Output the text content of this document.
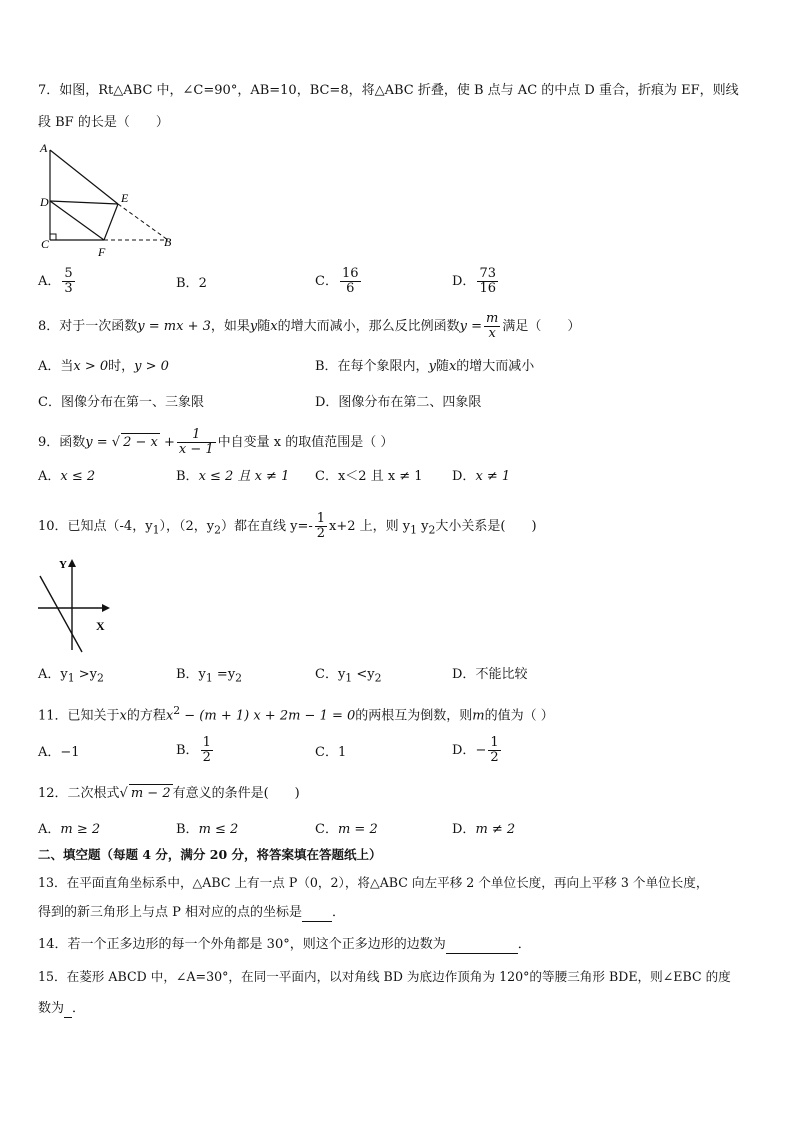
7．如图，Rt△ABC 中，∠C=90°，AB=10，BC=8，将△ABC 折叠，使 B 点与 AC 的中点 D 重合，折痕为 EF，则线
段 BF 的长是（　　）
A
D
C
F
E
B
A． $\frac{5}{3}$	B．2	C． $\frac{16}{6}$	D． $\frac{73}{16}$
8．对于一次函数y = mx + 3，如果y随x的增大而减小，那么反比例函数$y = \frac{m}{x}$ 满足（　　）
A．当x > 0时，y > 0	B．在每个象限内，y随x的增大而减小
C．图像分布在第一、三象限	D．图像分布在第二、四象限
9．函数y = √ $2 - x + \frac{1}{x - 1}$ 中自变量 x 的取值范围是（ ）
A．x ≤ 2	B．x ≤ 2 且 x ≠ 1 C．x＜2 且 x ≠ 1 D．x ≠ 1
10．已知点（-4，$y_1$），（2，$y_2$）都在直线 $y=- \frac{1}{2} x+2$ 上，则 $y_1$ $y_2$大小关系是(　　)
Y
X
A．$y_1 >y_2$	B．$y_1 =y_2$	C．$y_1 <y_2$	D．不能比较
11．已知关于x的方程$x^2 - (m + 1) x + 2m - 1 = 0$的两根互为倒数，则m的值为（ ）
A．−1	B． $\frac{1}{2}$	C．1	D．− $\frac{1}{2}$
12．二次根式√ m − 2 有意义的条件是(　　)
A．m ≥ 2	B．m ≤ 2	C．m = 2	D．m ≠ 2
二、填空题（每题 4 分，满分 20 分，将答案填在答题纸上）
13．在平面直角坐标系中，△ABC 上有一点 P（0，2），将△ABC 向左平移 2 个单位长度，再向上平移 3 个单位长度，
得到的新三角形上与点 P 相对应的点的坐标是 ．
14．若一个正多边形的每一个外角都是 30°，则这个正多边形的边数为	．
15．在菱形 ABCD 中，∠A=30°，在同一平面内，以对角线 BD 为底边作顶角为 120°的等腰三角形 BDE，则∠EBC 的度
数为 ．
